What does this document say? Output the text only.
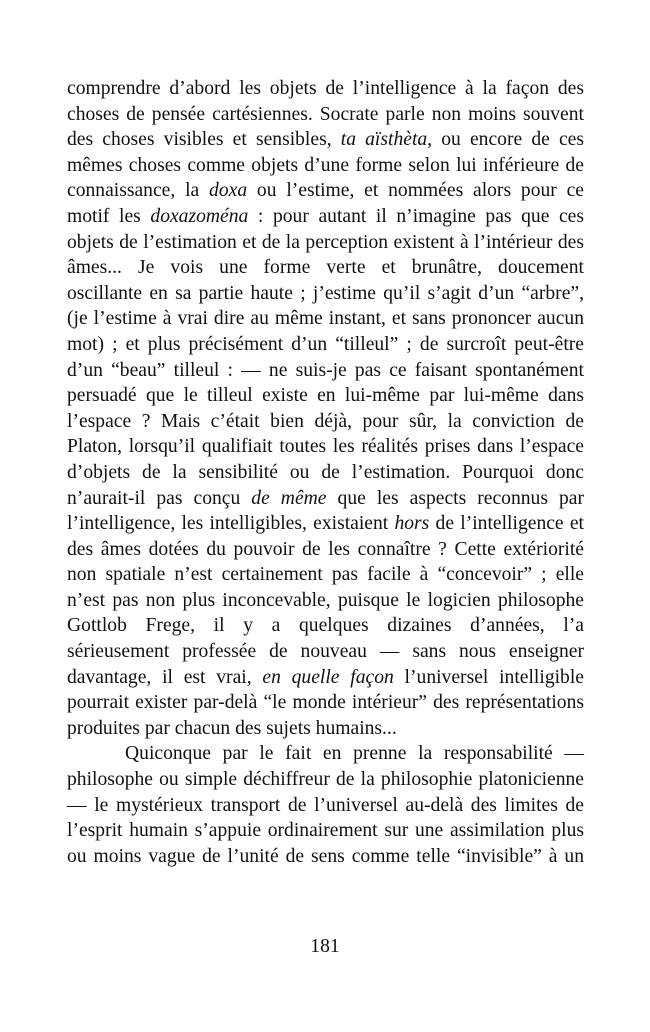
comprendre d’abord les objets de l’intelligence à la façon des
choses de pensée cartésiennes. Socrate parle non moins souvent
des choses visibles et sensibles, ta aïsthèta, ou encore de ces
mêmes choses comme objets d’une forme selon lui inférieure de
connaissance, la doxa ou l’estime, et nommées alors pour ce
motif les doxazoména : pour autant il n’imagine pas que ces
objets de l’estimation et de la perception existent à l’intérieur des
âmes... Je vois une forme verte et brunâtre, doucement
oscillante en sa partie haute ; j’estime qu’il s’agit d’un “arbre”,
(je l’estime à vrai dire au même instant, et sans prononcer aucun
mot) ; et plus précisément d’un “tilleul” ; de surcroît peut-être
d’un “beau” tilleul : — ne suis-je pas ce faisant spontanément
persuadé que le tilleul existe en lui-même par lui-même dans
l’espace ? Mais c’était bien déjà, pour sûr, la conviction de
Platon, lorsqu’il qualifiait toutes les réalités prises dans l’espace
d’objets de la sensibilité ou de l’estimation. Pourquoi donc
n’aurait-il pas conçu de même que les aspects reconnus par
l’intelligence, les intelligibles, existaient hors de l’intelligence et
des âmes dotées du pouvoir de les connaître ? Cette extériorité
non spatiale n’est certainement pas facile à “concevoir” ; elle
n’est pas non plus inconcevable, puisque le logicien philosophe
Gottlob Frege, il y a quelques dizaines d’années, l’a
sérieusement professée de nouveau — sans nous enseigner
davantage, il est vrai, en quelle façon l’universel intelligible
pourrait exister par-delà “le monde intérieur” des représentations
produites par chacun des sujets humains...
Quiconque par le fait en prenne la responsabilité —
philosophe ou simple déchiffreur de la philosophie platonicienne
— le mystérieux transport de l’universel au-delà des limites de
l’esprit humain s’appuie ordinairement sur une assimilation plus
ou moins vague de l’unité de sens comme telle “invisible” à un
181
